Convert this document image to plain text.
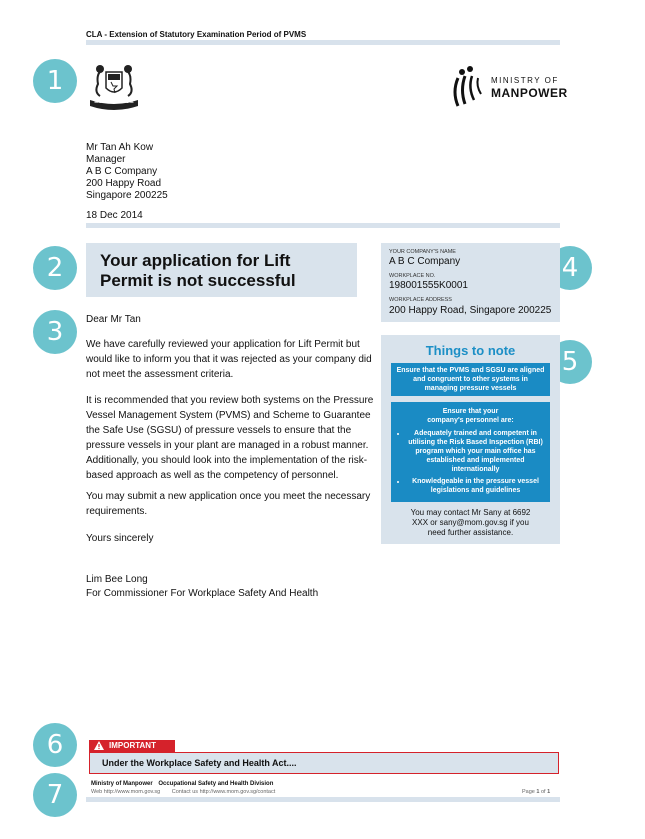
CLA - Extension of Statutory Examination Period of PVMS
1
2
3
4
5
6
7
MAJULAH SINGAPURA
MINISTRY OF
MANPOWER
Mr Tan Ah Kow
Manager
A B C Company
200 Happy Road
Singapore 200225
18 Dec 2014
Your application for Lift Permit is not successful
YOUR COMPANY'S NAME
A B C Company
WORKPLACE NO.
198001555K0001
WORKPLACE ADDRESS
200 Happy Road, Singapore 200225
Dear Mr Tan
We have carefully reviewed your application for Lift Permit but would like to inform you that it was rejected as your company did not meet the assessment criteria.
It is recommended that you review both systems on the Pressure Vessel Management System (PVMS) and Scheme to Guarantee the Safe Use (SGSU) of pressure vessels to ensure that the pressure vessels in your plant are managed in a robust manner. Additionally, you should look into the implementation of the risk-based approach as well as the competency of personnel.
You may submit a new application once you meet the necessary requirements.
Yours sincerely
Lim Bee Long
For Commissioner For Workplace Safety And Health
Things to note
Ensure that the PVMS and SGSU are aligned and congruent to other systems in managing pressure vessels
Ensure that your company's personnel are:
• Adequately trained and competent in utilising the Risk Based Inspection (RBI) program which your main office has established and implemented internationally
• Knowledgeable in the pressure vessel legislations and guidelines
You may contact Mr Sany at 6692 XXX or sany@mom.gov.sg if you need further assistance.
IMPORTANT
Under the Workplace Safety and Health Act....
Ministry of Manpower Occupational Safety and Health Division
Web http://www.mom.gov.sg Contact us http://www.mom.gov.sg/contact	Page 1 of 1
